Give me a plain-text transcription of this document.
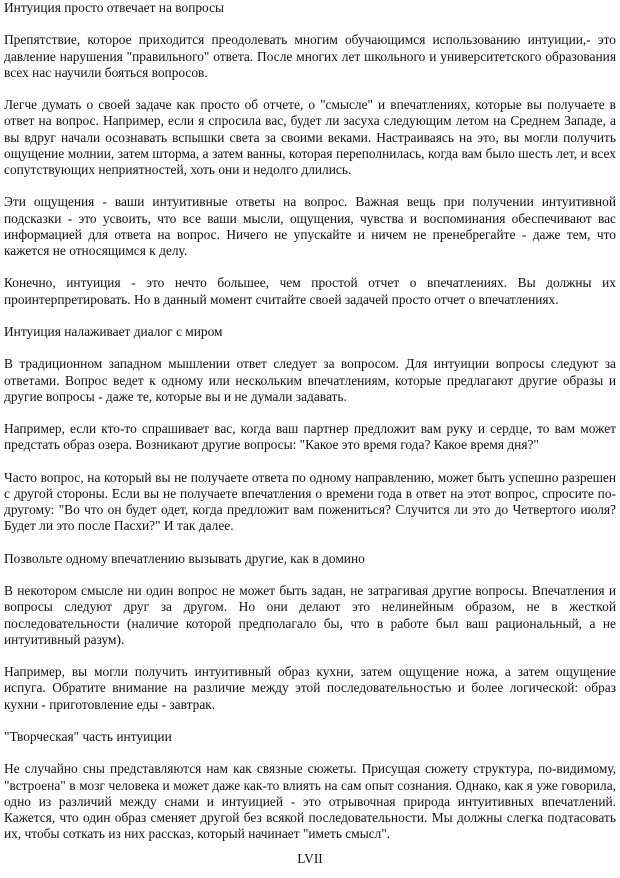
Интуиция просто отвечает на вопросы

Препятствие, которое приходится преодолевать многим обучающимся использованию интуиции,- это давление нарушения "правильного" ответа. После многих лет школьного и университетского образования всех нас научили бояться вопросов.

Легче думать о своей задаче как просто об отчете, о "смысле" и впечатлениях, которые вы получаете в ответ на вопрос. Например, если я спросила вас, будет ли засуха следующим летом на Среднем Западе, а вы вдруг начали осознавать вспышки света за своими веками. Настраиваясь на это, вы могли получить ощущение молнии, затем шторма, а затем ванны, которая переполнилась, когда вам было шесть лет, и всех сопутствующих неприятностей, хоть они и недолго длились.

Эти ощущения - ваши интуитивные ответы на вопрос. Важная вещь при получении интуитивной подсказки - это усвоить, что все ваши мысли, ощущения, чувства и воспоминания обеспечивают вас информацией для ответа на вопрос. Ничего не упускайте и ничем не пренебрегайте - даже тем, что кажется не относящимся к делу.

Конечно, интуиция - это нечто большее, чем простой отчет о впечатлениях. Вы должны их проинтерпретировать. Но в данный момент считайте своей задачей просто отчет о впечатлениях.

Интуиция налаживает диалог с миром

В традиционном западном мышлении ответ следует за вопросом. Для интуиции вопросы следуют за ответами. Вопрос ведет к одному или нескольким впечатлениям, которые предлагают другие образы и другие вопросы - даже те, которые вы и не думали задавать.

Например, если кто-то спрашивает вас, когда ваш партнер предложит вам руку и сердце, то вам может предстать образ озера. Возникают другие вопросы: "Какое это время года? Какое время дня?"

Часто вопрос, на который вы не получаете ответа по одному направлению, может быть успешно разрешен с другой стороны. Если вы не получаете впечатления о времени года в ответ на этот вопрос, спросите по-другому: "Во что он будет одет, когда предложит вам пожениться? Случится ли это до Четвертого июля? Будет ли это после Пасхи?" И так далее.

Позвольте одному впечатлению вызывать другие, как в домино

В некотором смысле ни один вопрос не может быть задан, не затрагивая другие вопросы. Впечатления и вопросы следуют друг за другом. Но они делают это нелинейным образом, не в жесткой последовательности (наличие которой предполагало бы, что в работе был ваш рациональный, а не интуитивный разум).

Например, вы могли получить интуитивный образ кухни, затем ощущение ножа, а затем ощущение испуга. Обратите внимание на различие между этой последовательностью и более логической: образ кухни - приготовление еды - завтрак.

"Творческая" часть интуиции

Не случайно сны представляются нам как связные сюжеты. Присущая сюжету структура, по-видимому, "встроена" в мозг человека и может даже как-то влиять на сам опыт сознания. Однако, как я уже говорила, одно из различий между снами и интуицией - это отрывочная природа интуитивных впечатлений. Кажется, что один образ сменяет другой без всякой последовательности. Мы должны слегка подтасовать их, чтобы соткать из них рассказ, который начинает "иметь смысл".

LVII
